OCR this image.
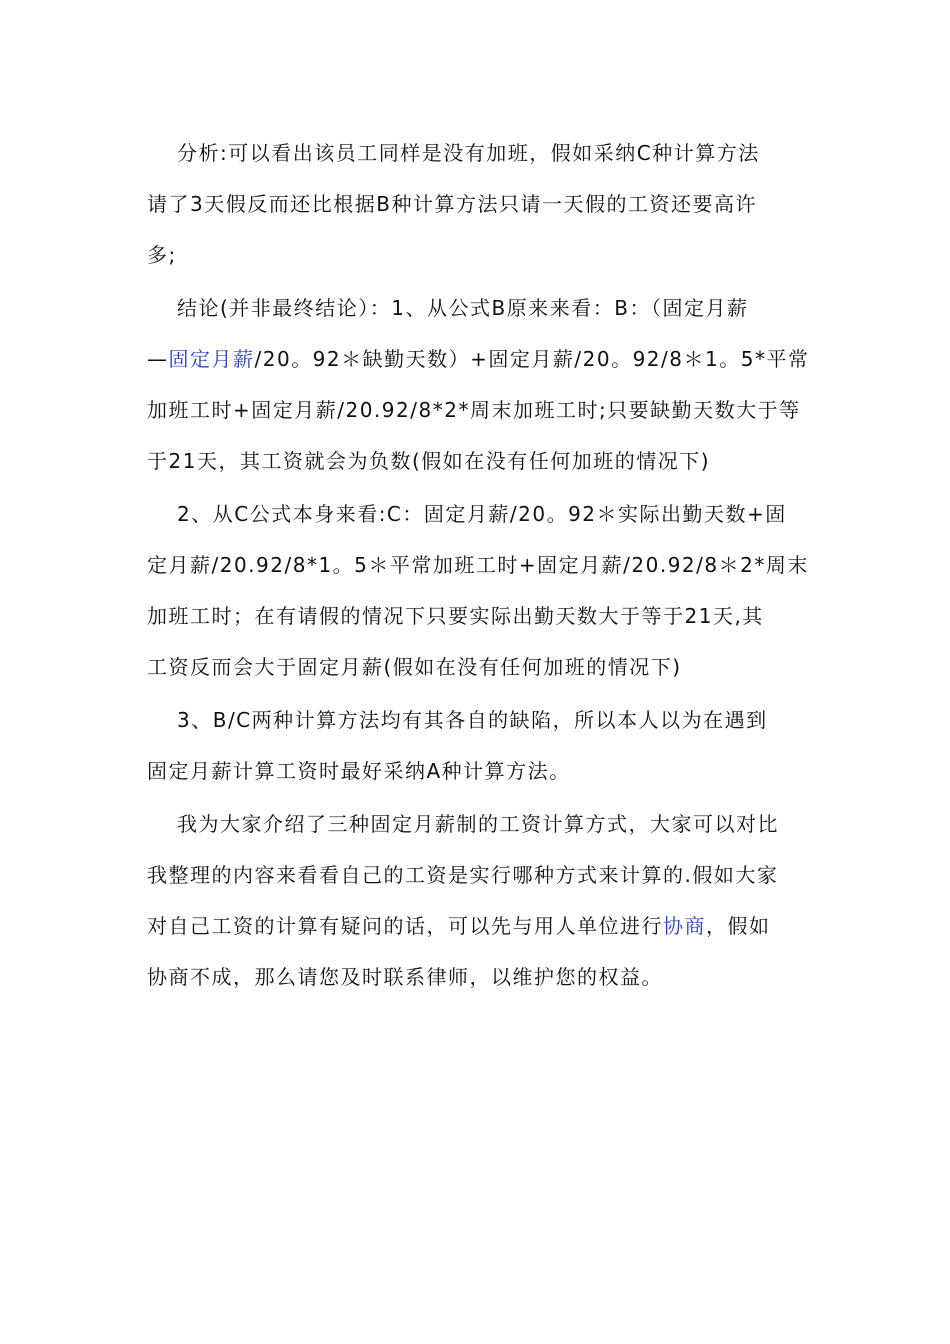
分析:可以看出该员工同样是没有加班，假如采纳C种计算方法
请了3天假反而还比根据B种计算方法只请一天假的工资还要高许
多;
结论(并非最终结论）：1、从公式B原来来看：B：（固定月薪
—固定月薪/20。92＊缺勤天数）+固定月薪/20。92/8＊1。5*平常
加班工时+固定月薪/20.92/8*2*周末加班工时;只要缺勤天数大于等
于21天，其工资就会为负数(假如在没有任何加班的情况下)
2、从C公式本身来看:C：固定月薪/20。92＊实际出勤天数+固
定月薪/20.92/8*1。5＊平常加班工时+固定月薪/20.92/8＊2*周末
加班工时；在有请假的情况下只要实际出勤天数大于等于21天,其
工资反而会大于固定月薪(假如在没有任何加班的情况下)
3、B/C两种计算方法均有其各自的缺陷，所以本人以为在遇到
固定月薪计算工资时最好采纳A种计算方法。
我为大家介绍了三种固定月薪制的工资计算方式，大家可以对比
我整理的内容来看看自己的工资是实行哪种方式来计算的.假如大家
对自己工资的计算有疑问的话，可以先与用人单位进行协商，假如
协商不成，那么请您及时联系律师，以维护您的权益。
